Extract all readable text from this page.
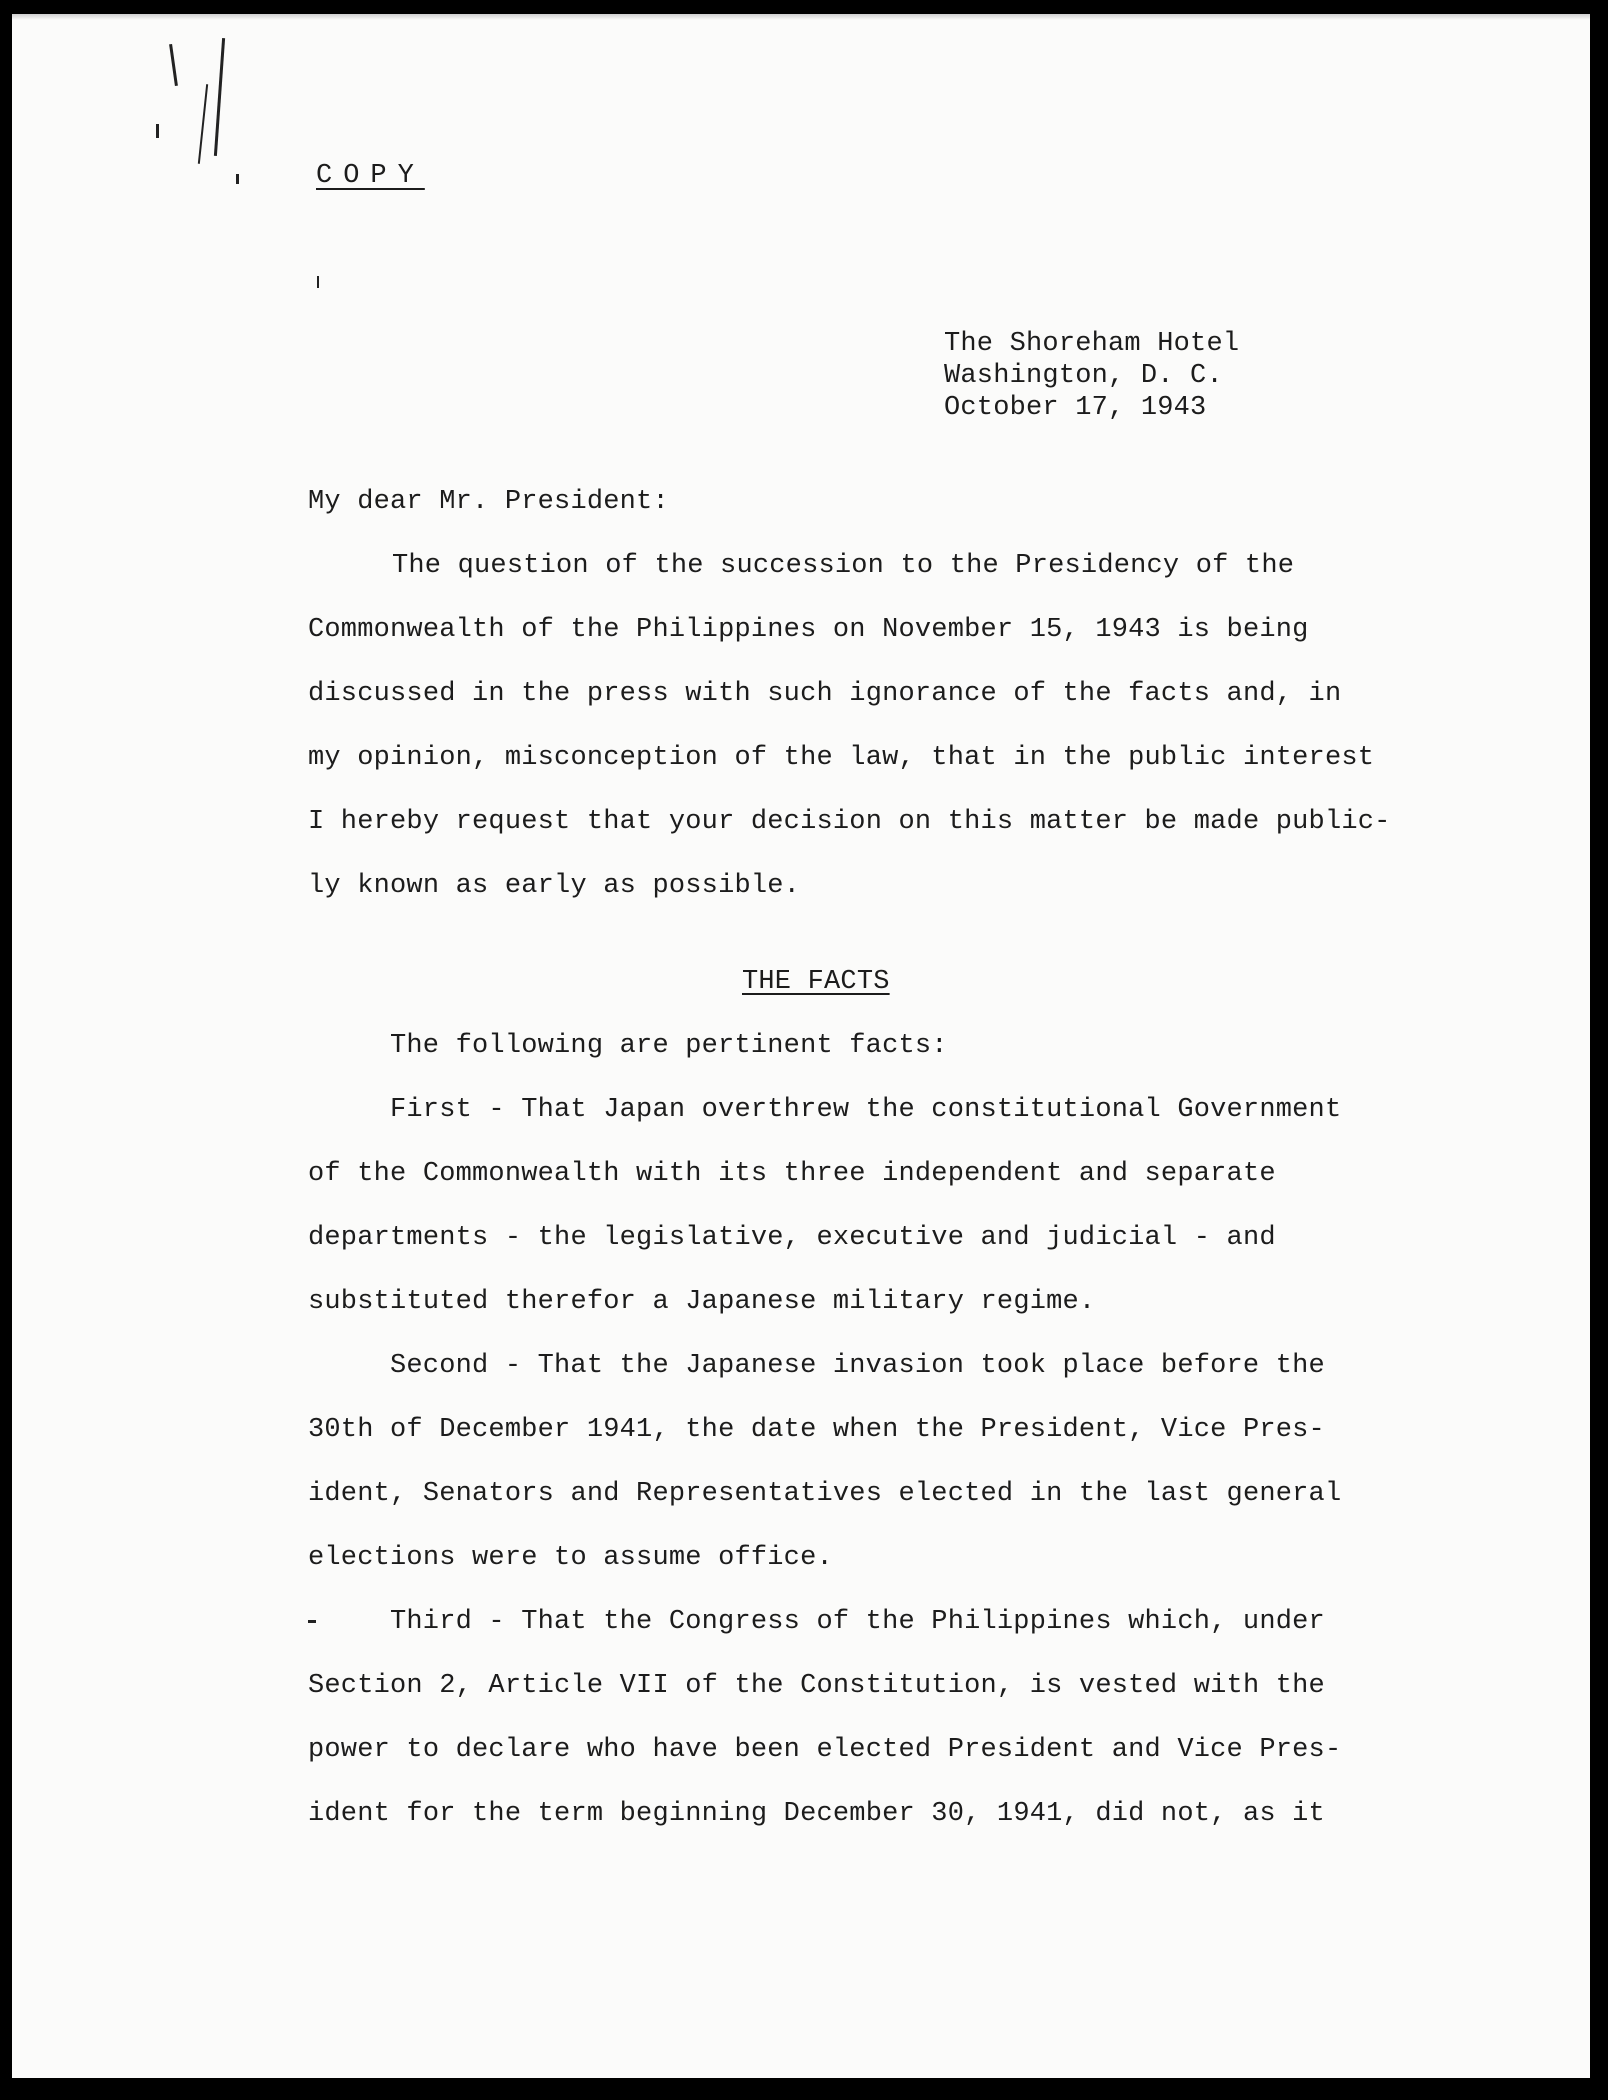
COPY
The Shoreham Hotel
Washington, D. C.
October 17, 1943
My dear Mr. President:
The question of the succession to the Presidency of the
Commonwealth of the Philippines on November 15, 1943 is being
discussed in the press with such ignorance of the facts and, in
my opinion, misconception of the law, that in the public interest
I hereby request that your decision on this matter be made public-
ly known as early as possible.
THE FACTS
The following are pertinent facts:
First - That Japan overthrew the constitutional Government
of the Commonwealth with its three independent and separate
departments - the legislative, executive and judicial - and
substituted therefor a Japanese military regime.
Second - That the Japanese invasion took place before the
30th of December 1941, the date when the President, Vice Pres-
ident, Senators and Representatives elected in the last general
elections were to assume office.
Third - That the Congress of the Philippines which, under
Section 2, Article VII of the Constitution, is vested with the
power to declare who have been elected President and Vice Pres-
ident for the term beginning December 30, 1941, did not, as it
